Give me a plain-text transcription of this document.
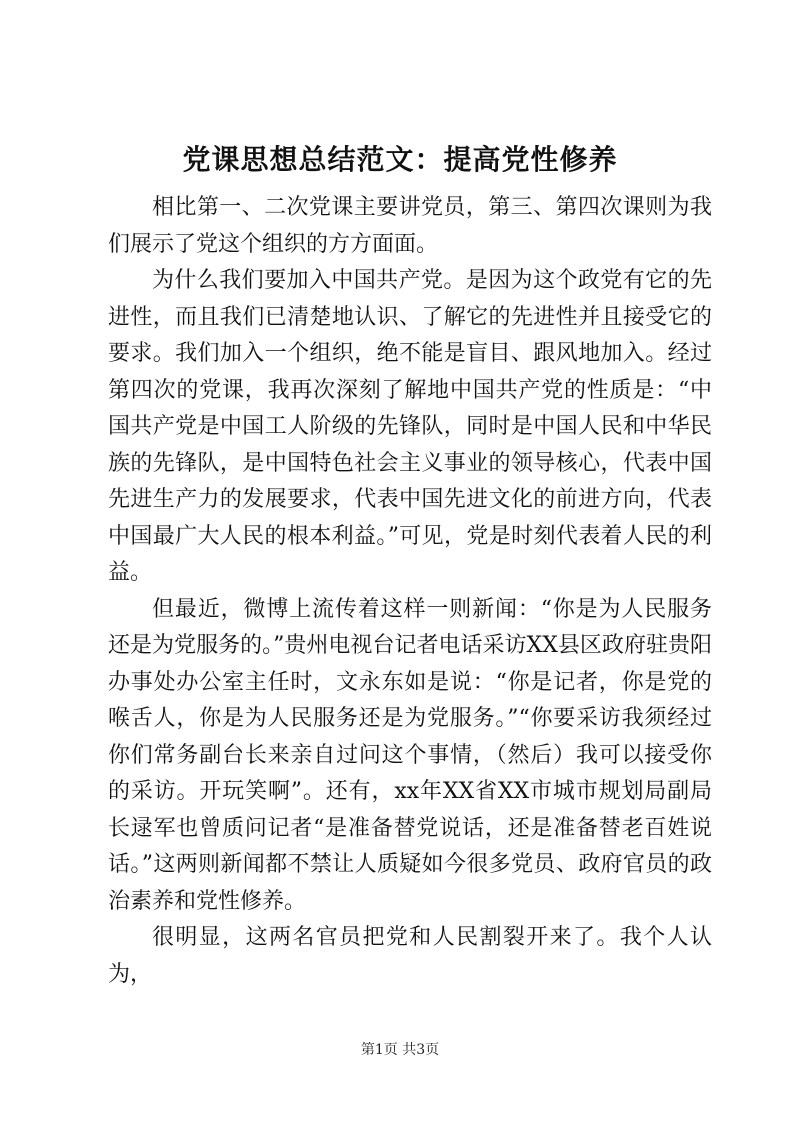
党课思想总结范文：提高党性修养

相比第一、二次党课主要讲党员，第三、第四次课则为我们展示了党这个组织的方方面面。

为什么我们要加入中国共产党。是因为这个政党有它的先进性，而且我们已清楚地认识、了解它的先进性并且接受它的要求。我们加入一个组织，绝不能是盲目、跟风地加入。经过第四次的党课，我再次深刻了解地中国共产党的性质是：“中国共产党是中国工人阶级的先锋队，同时是中国人民和中华民族的先锋队，是中国特色社会主义事业的领导核心，代表中国先进生产力的发展要求，代表中国先进文化的前进方向，代表中国最广大人民的根本利益。”可见，党是时刻代表着人民的利益。

但最近，微博上流传着这样一则新闻：“你是为人民服务还是为党服务的。”贵州电视台记者电话采访XX县区政府驻贵阳办事处办公室主任时，文永东如是说：“你是记者，你是党的喉舌人，你是为人民服务还是为党服务。”“你要采访我须经过你们常务副台长来亲自过问这个事情，（然后）我可以接受你的采访。开玩笑啊”。还有，xx年XX省XX市城市规划局副局长逯军也曾质问记者“是准备替党说话，还是准备替老百姓说话。”这两则新闻都不禁让人质疑如今很多党员、政府官员的政治素养和党性修养。

很明显，这两名官员把党和人民割裂开来了。我个人认为，

第1页 共3页
